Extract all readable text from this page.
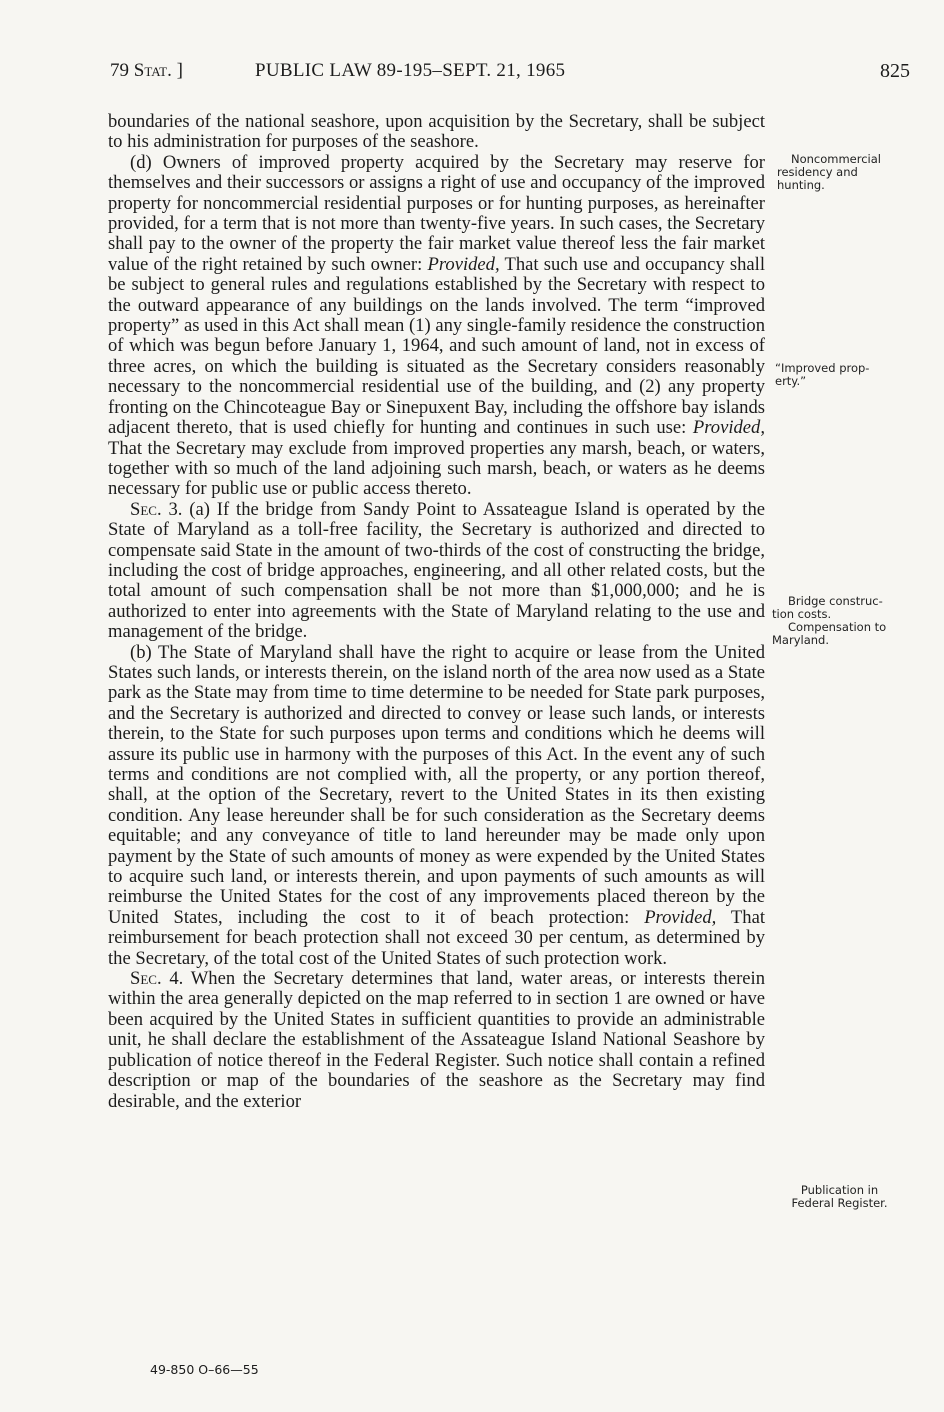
79 Stat. ]	PUBLIC LAW 89-195–SEPT. 21, 1965	825

boundaries of the national seashore, upon acquisition by the Secretary, shall be subject to his administration for purposes of the seashore.

(d) Owners of improved property acquired by the Secretary may reserve for themselves and their successors or assigns a right of use and occupancy of the improved property for noncommercial residential purposes or for hunting purposes, as hereinafter provided, for a term that is not more than twenty-five years. In such cases, the Secretary shall pay to the owner of the property the fair market value thereof less the fair market value of the right retained by such owner: Provided, That such use and occupancy shall be subject to general rules and regulations established by the Secretary with respect to the outward appearance of any buildings on the lands involved. The term “improved property” as used in this Act shall mean (1) any single-family residence the construction of which was begun before January 1, 1964, and such amount of land, not in excess of three acres, on which the building is situated as the Secretary considers reasonably necessary to the noncommercial residential use of the building, and (2) any property fronting on the Chincoteague Bay or Sinepuxent Bay, including the offshore bay islands adjacent thereto, that is used chiefly for hunting and continues in such use: Provided, That the Secretary may exclude from improved properties any marsh, beach, or waters, together with so much of the land adjoining such marsh, beach, or waters as he deems necessary for public use or public access thereto.

Sec. 3. (a) If the bridge from Sandy Point to Assateague Island is operated by the State of Maryland as a toll-free facility, the Secretary is authorized and directed to compensate said State in the amount of two-thirds of the cost of constructing the bridge, including the cost of bridge approaches, engineering, and all other related costs, but the total amount of such compensation shall be not more than $1,000,000; and he is authorized to enter into agreements with the State of Maryland relating to the use and management of the bridge.

(b) The State of Maryland shall have the right to acquire or lease from the United States such lands, or interests therein, on the island north of the area now used as a State park as the State may from time to time determine to be needed for State park purposes, and the Secretary is authorized and directed to convey or lease such lands, or interests therein, to the State for such purposes upon terms and conditions which he deems will assure its public use in harmony with the purposes of this Act. In the event any of such terms and conditions are not complied with, all the property, or any portion thereof, shall, at the option of the Secretary, revert to the United States in its then existing condition. Any lease hereunder shall be for such consideration as the Secretary deems equitable; and any conveyance of title to land hereunder may be made only upon payment by the State of such amounts of money as were expended by the United States to acquire such land, or interests therein, and upon payments of such amounts as will reimburse the United States for the cost of any improvements placed thereon by the United States, including the cost to it of beach protection: Provided, That reimbursement for beach protection shall not exceed 30 per centum, as determined by the Secretary, of the total cost of the United States of such protection work.

Sec. 4. When the Secretary determines that land, water areas, or interests therein within the area generally depicted on the map referred to in section 1 are owned or have been acquired by the United States in sufficient quantities to provide an administrable unit, he shall declare the establishment of the Assateague Island National Seashore by publication of notice thereof in the Federal Register. Such notice shall contain a refined description or map of the boundaries of the seashore as the Secretary may find desirable, and the exterior

Noncommercial
residency and
hunting.
“Improved prop-
erty.”
Bridge construc-
tion costs.
Compensation to
Maryland.
Publication in
Federal Register.
49-850 O–66—55
